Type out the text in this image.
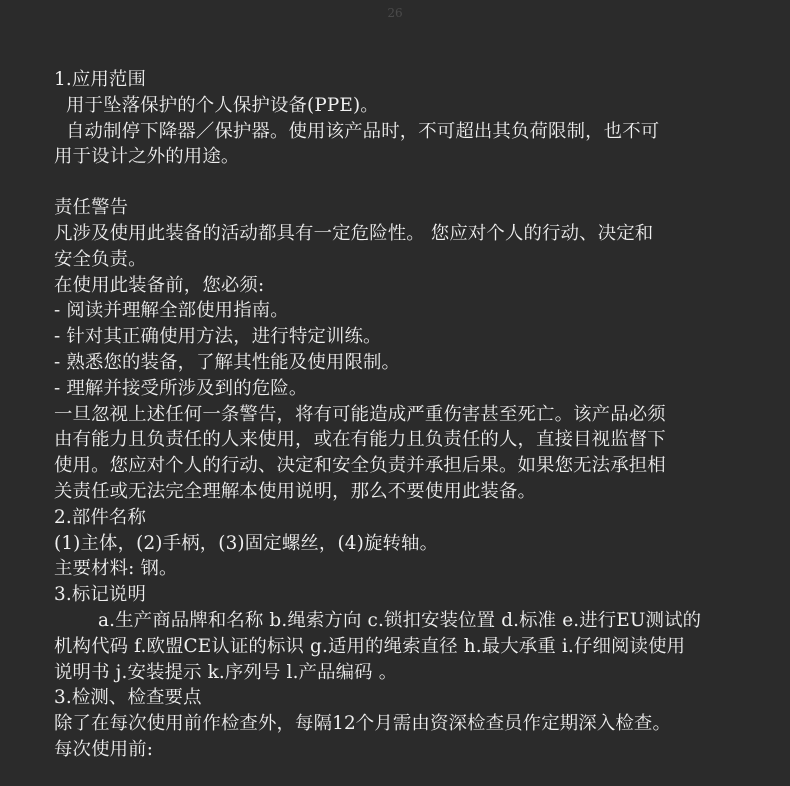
26
1.应用范围
用于坠落保护的个人保护设备(PPE)。
自动制停下降器／保护器。使用该产品时，不可超出其负荷限制，也不可
用于设计之外的用途。
责任警告
凡涉及使用此装备的活动都具有一定危险性。 您应对个人的行动、决定和
安全负责。
在使用此装备前，您必须:
- 阅读并理解全部使用指南。
- 针对其正确使用方法，进行特定训练。
- 熟悉您的装备，了解其性能及使用限制。
- 理解并接受所涉及到的危险。
一旦忽视上述任何一条警告，将有可能造成严重伤害甚至死亡。该产品必须
由有能力且负责任的人来使用，或在有能力且负责任的人，直接目视监督下
使用。您应对个人的行动、决定和安全负责并承担后果。如果您无法承担相
关责任或无法完全理解本使用说明，那么不要使用此装备。
2.部件名称
(1)主体，(2)手柄，(3)固定螺丝，(4)旋转轴。
主要材料: 钢。
3.标记说明
a.生产商品牌和名称 b.绳索方向 c.锁扣安装位置 d.标准 e.进行EU测试的
机构代码 f.欧盟CE认证的标识 g.适用的绳索直径 h.最大承重 i.仔细阅读使用
说明书 j.安装提示 k.序列号 l.产品编码 。
3.检测、检查要点
除了在每次使用前作检查外，每隔12个月需由资深检查员作定期深入检查。
每次使用前:
